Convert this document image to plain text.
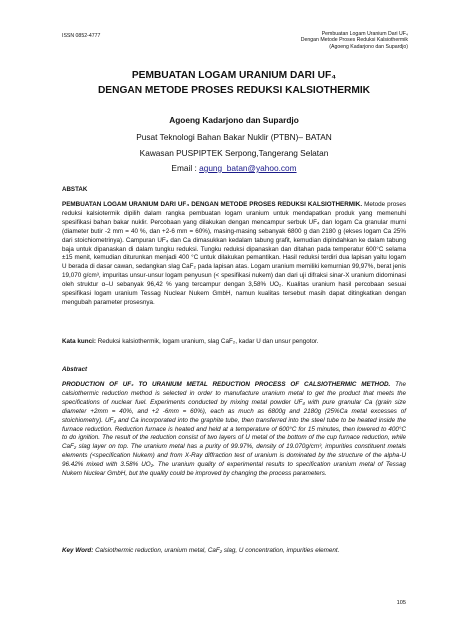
ISSN 0852-4777	Pembuatan Logam Uranium Dari UF₄
Dengan Metode Proses Reduksi Kalsiothermik
(Agoeng Kadarjono dan Supardjo)
PEMBUATAN LOGAM URANIUM DARI UF₄
DENGAN METODE PROSES REDUKSI KALSIOTHERMIK
Agoeng Kadarjono dan Supardjo
Pusat Teknologi Bahan Bakar Nuklir (PTBN)– BATAN
Kawasan PUSPIPTEK Serpong,Tangerang Selatan
Email : agung_batan@yahoo.com
ABSTAK
PEMBUATAN LOGAM URANIUM DARI UF₄ DENGAN METODE PROSES REDUKSI KALSIOTHERMIK. Metode proses reduksi kalsiotermik dipilih dalam rangka pembuatan logam uranium untuk mendapatkan produk yang memenuhi spesifikasi bahan bakar nuklir. Percobaan yang dilakukan dengan mencampur serbuk UF₄ dan logam Ca granular murni (diameter butir -2 mm = 40 %, dan +2-6 mm = 60%), masing-masing sebanyak 6800 g dan 2180 g (ekses logam Ca 25% dari stoichiometrinya). Campuran UF₄ dan Ca dimasukkan kedalam tabung grafit, kemudian dipindahkan ke dalam tabung baja untuk dipanaskan di dalam tungku reduksi. Tungku reduksi dipanaskan dan ditahan pada temperatur 600°C selama ±15 menit, kemudian diturunkan menjadi 400 °C untuk dilakukan pemantikan. Hasil reduksi terdiri dua lapisan yaitu logam U berada di dasar cawan, sedangkan slag CaF₂ pada lapisan atas. Logam uranium memiliki kemurnian 99,97%, berat jenis 19,070 g/cm³, impuritas unsur-unsur logam penyusun (< spesifikasi nukem) dan dari uji difraksi sinar-X uranium didominasi oleh struktur α–U sebanyak 96,42 % yang tercampur dengan 3,58% UO₂. Kualitas uranium hasil percobaan sesuai spesifikasi logam uranium Tessag Nuclear Nukem GmbH, namun kualitas tersebut masih dapat ditingkatkan dengan mengubah parameter prosesnya.
Kata kunci: Reduksi kalsiothermik, logam uranium, slag CaF₂, kadar U dan unsur pengotor.
Abstract
PRODUCTION OF UF₄ TO URANIUM METAL REDUCTION PROCESS OF CALSIOTHERMIC METHOD. The calsiothermic reduction method is selected in order to manufacture uranium metal to get the product that meets the specifications of nuclear fuel. Experiments conducted by mixing metal powder UF₄ with pure granular Ca (grain size diameter +2mm = 40%, and +2 -6mm = 60%), each as much as 6800g and 2180g (25%Ca metal excesses of stoichiometry). UF₄ and Ca incorporated into the graphite tube, then transferred into the steel tube to be heated inside the furnace reduction. Reduction furnace is heated and held at a temperature of 600°C for 15 minutes, then lowered to 400°C to do ignition. The result of the reduction consist of two layers of U metal of the bottom of the cup furnace reduction, while CaF₂ slag layer on top. The uranium metal has a purity of 99.97%, density of 19.070g/cm³, impurities constituent metals elements (<specification Nukem) and from X-Ray diffraction test of uranium is dominated by the structure of the alpha-U 96.42% mixed with 3.58% UO₂. The uranium quality of experimental results to specification uranium metal of Tessag Nukem Nuclear GmbH, but the quality could be improved by changing the process parameters.
Key Word: Calsiothermic reduction, uranium metal, CaF₂ slag, U concentration, impurities element.
105
